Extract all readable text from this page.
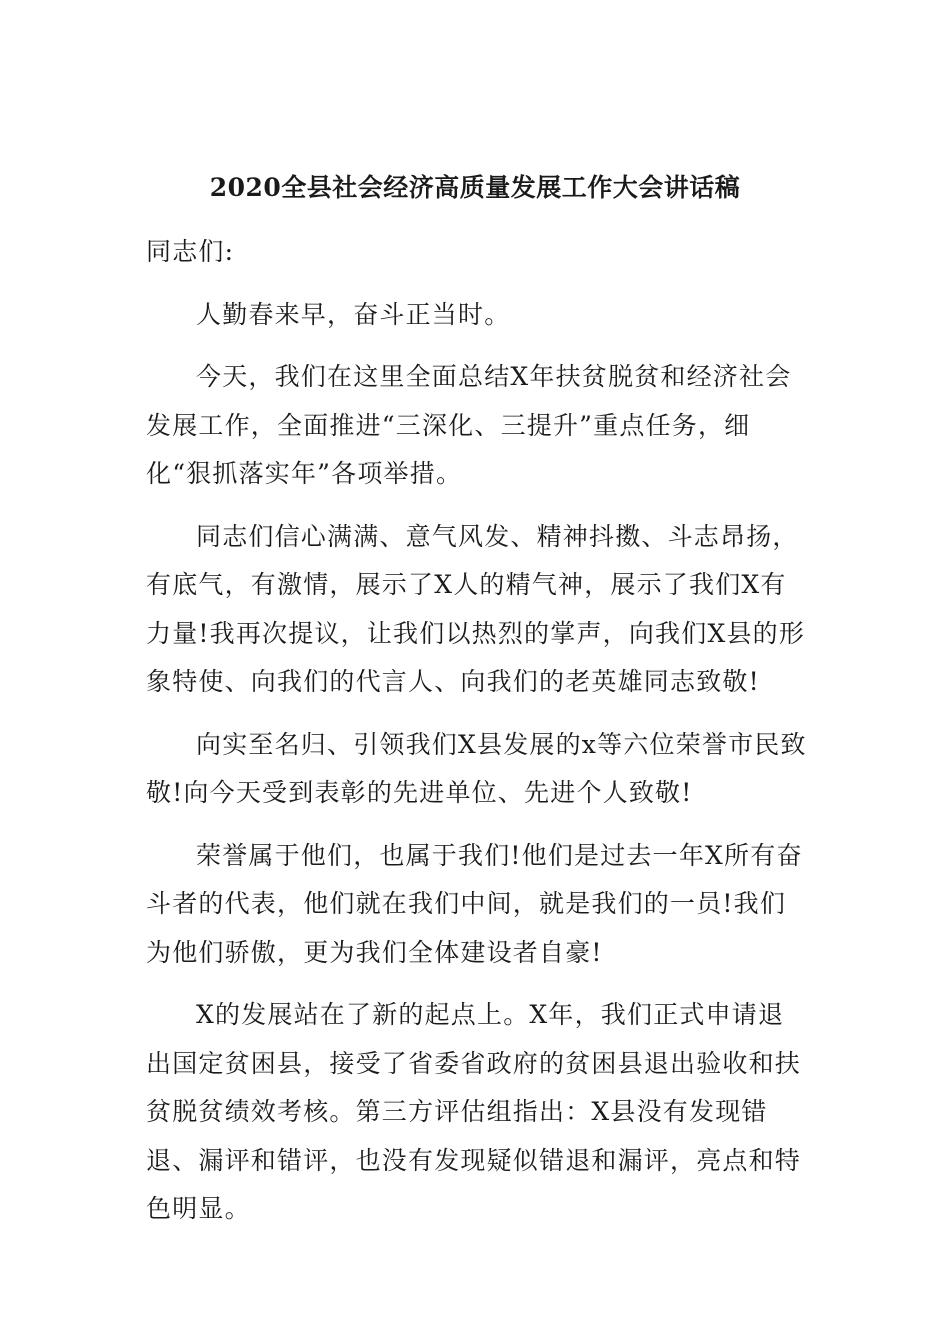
2020全县社会经济高质量发展工作大会讲话稿

同志们:

人勤春来早，奋斗正当时。

今天，我们在这里全面总结X年扶贫脱贫和经济社会发展工作，全面推进“三深化、三提升”重点任务，细化“狠抓落实年”各项举措。

同志们信心满满、意气风发、精神抖擞、斗志昂扬，有底气，有激情，展示了X人的精气神，展示了我们X有力量!我再次提议，让我们以热烈的掌声，向我们X县的形象特使、向我们的代言人、向我们的老英雄同志致敬!

向实至名归、引领我们X县发展的x等六位荣誉市民致敬!向今天受到表彰的先进单位、先进个人致敬!

荣誉属于他们，也属于我们!他们是过去一年X所有奋斗者的代表，他们就在我们中间，就是我们的一员!我们为他们骄傲，更为我们全体建设者自豪!

X的发展站在了新的起点上。X年，我们正式申请退出国定贫困县，接受了省委省政府的贫困县退出验收和扶贫脱贫绩效考核。第三方评估组指出：X县没有发现错退、漏评和错评，也没有发现疑似错退和漏评，亮点和特色明显。
